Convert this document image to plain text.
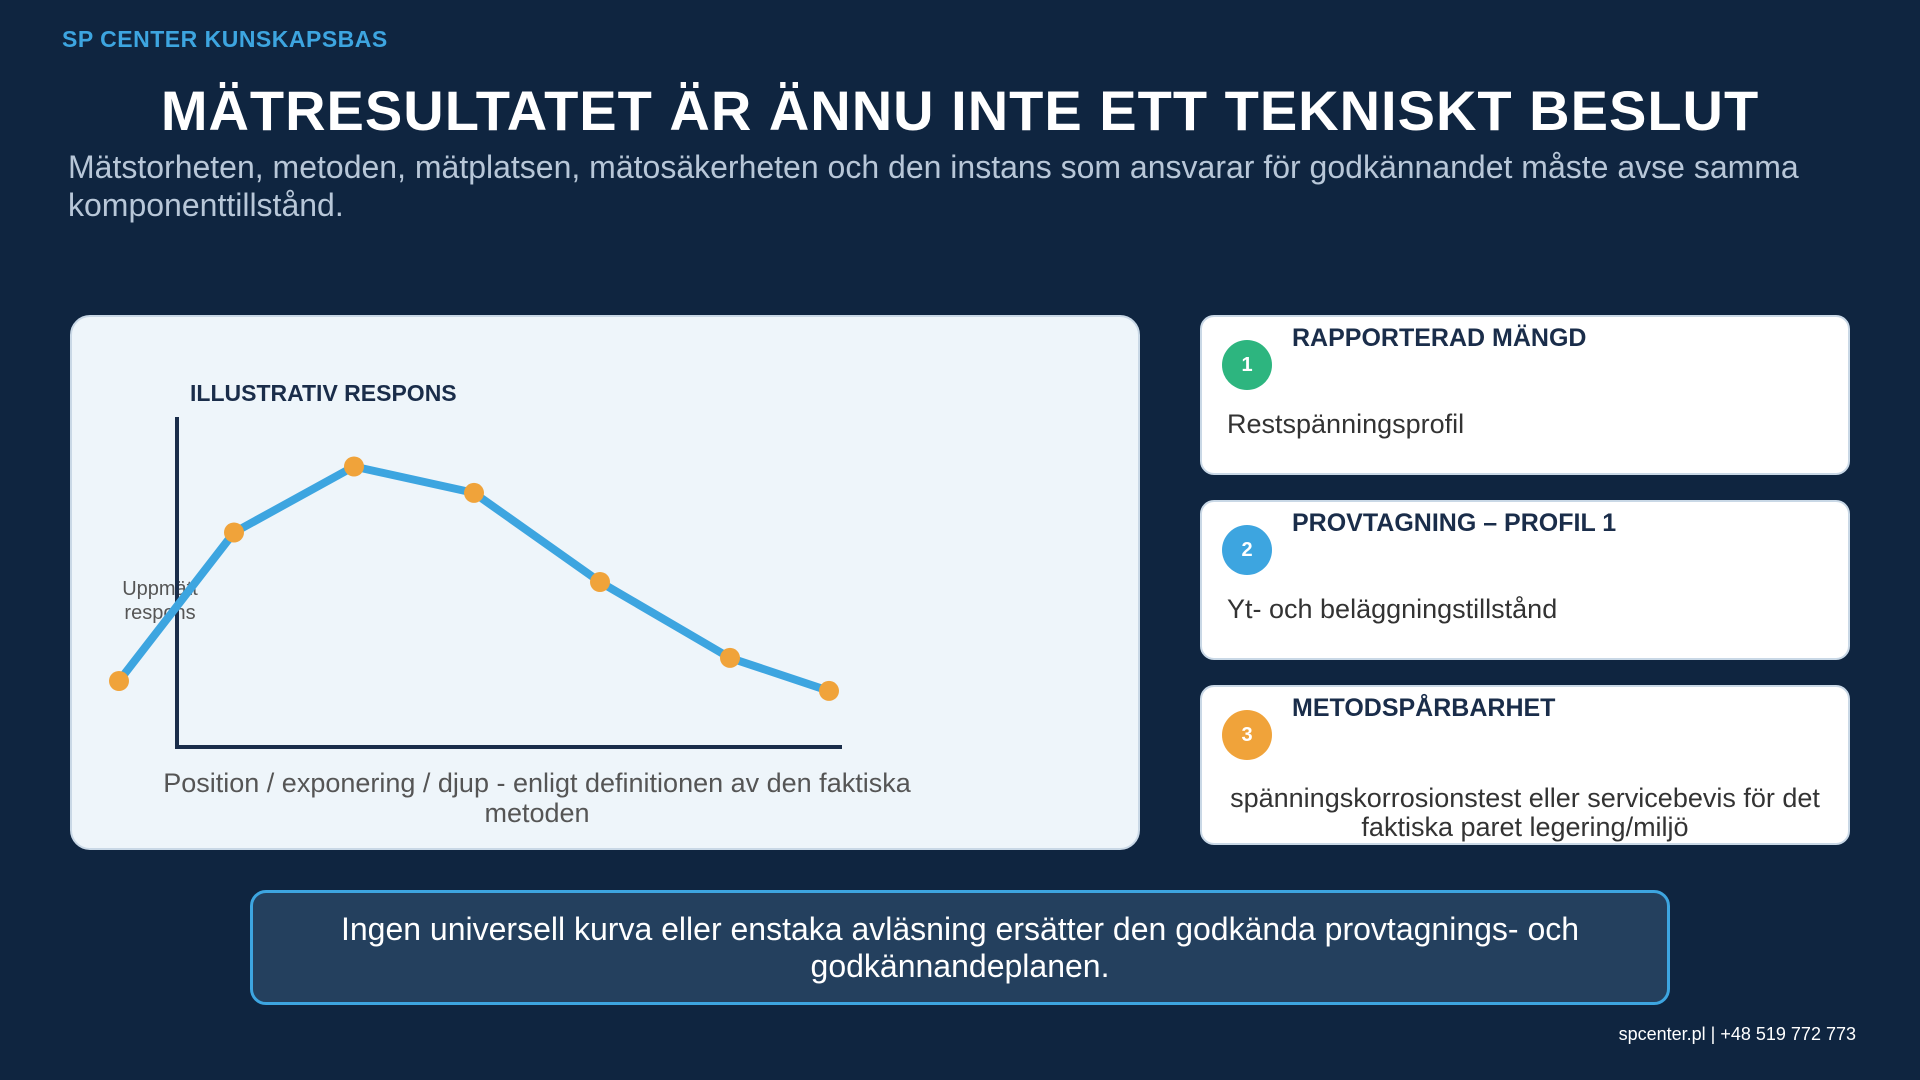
SP CENTER KUNSKAPSBAS
MÄTRESULTATET ÄR ÄNNU INTE ETT TEKNISKT BESLUT
Mätstorheten, metoden, mätplatsen, mätosäkerheten och den instans som ansvarar för godkännandet måste avse samma komponenttillstånd.
ILLUSTRATIV RESPONS
Uppmätt
respons
Position / exponering / djup - enligt definitionen av den faktiska
metoden
1
RAPPORTERAD MÄNGD
Restspänningsprofil
2
PROVTAGNING – PROFIL 1
Yt- och beläggningstillstånd
3
METODSPÅRBARHET
spänningskorrosionstest eller servicebevis för det faktiska paret legering/miljö
Ingen universell kurva eller enstaka avläsning ersätter den godkända provtagnings- och godkännandeplanen.
spcenter.pl | +48 519 772 773
